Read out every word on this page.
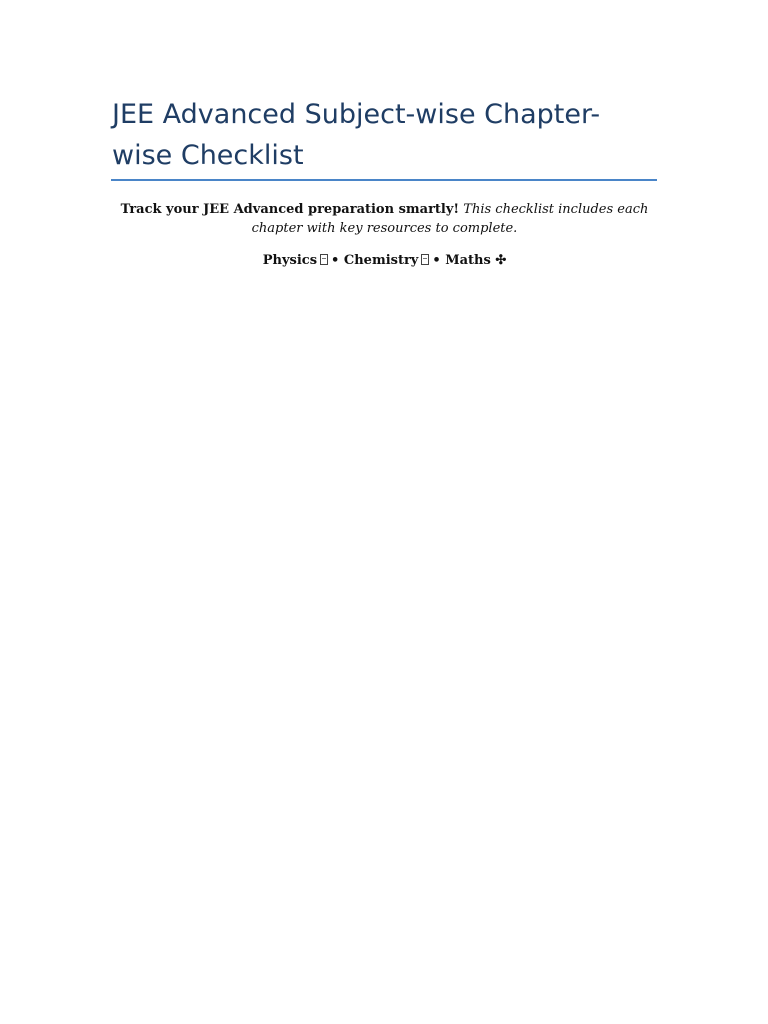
JEE Advanced Subject-wise Chapter-wise Checklist

Track your JEE Advanced preparation smartly! This checklist includes each chapter with key resources to complete.

Physics • Chemistry • Maths ✣
